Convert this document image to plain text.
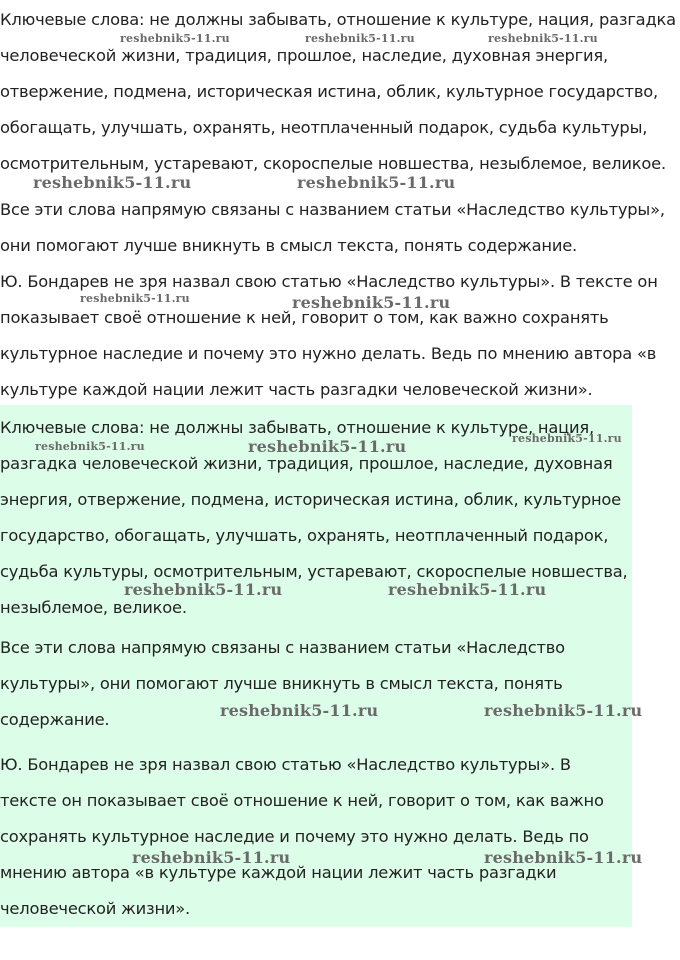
Ключевые слова: не должны забывать, отношение к культуре, нация, разгадка человеческой жизни, традиция, прошлое, наследие, духовная энергия, отвержение, подмена, историческая истина, облик, культурное государство, обогащать, улучшать, охранять, неотплаченный подарок, судьба культуры, осмотрительным, устаревают, скороспелые новшества, незыблемое, великое.

Все эти слова напрямую связаны с названием статьи «Наследство культуры», они помогают лучше вникнуть в смысл текста, понять содержание.

Ю. Бондарев не зря назвал свою статью «Наследство культуры». В тексте он показывает своё отношение к ней, говорит о том, как важно сохранять культурное наследие и почему это нужно делать. Ведь по мнению автора «в культуре каждой нации лежит часть разгадки человеческой жизни».

Ключевые слова: не должны забывать, отношение к культуре, нация, разгадка человеческой жизни, традиция, прошлое, наследие, духовная энергия, отвержение, подмена, историческая истина, облик, культурное государство, обогащать, улучшать, охранять, неотплаченный подарок, судьба культуры, осмотрительным, устаревают, скороспелые новшества, незыблемое, великое.

Все эти слова напрямую связаны с названием статьи «Наследство культуры», они помогают лучше вникнуть в смысл текста, понять содержание.

Ю. Бондарев не зря назвал свою статью «Наследство культуры». В тексте он показывает своё отношение к ней, говорит о том, как важно сохранять культурное наследие и почему это нужно делать. Ведь по мнению автора «в культуре каждой нации лежит часть разгадки человеческой жизни».

reshebnik5-11.ru	reshebnik5-11.ru	reshebnik5-11.ru
reshebnik5-11.ru	reshebnik5-11.ru
reshebnik5-11.ru	reshebnik5-11.ru
reshebnik5-11.ru	reshebnik5-11.ru	reshebnik5-11.ru
reshebnik5-11.ru	reshebnik5-11.ru
reshebnik5-11.ru	reshebnik5-11.ru
reshebnik5-11.ru	reshebnik5-11.ru
